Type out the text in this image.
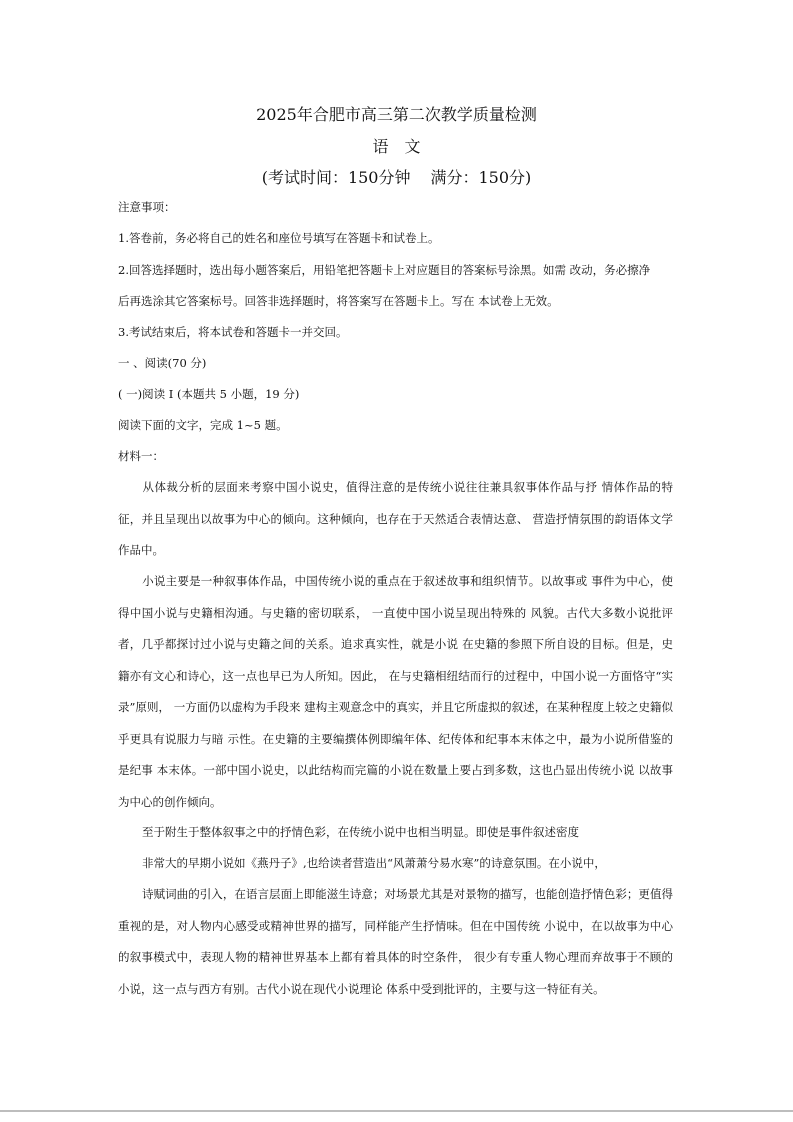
2025年合肥市高三第二次教学质量检测
语　文
(考试时间：150分钟 满分：150分)
注意事项：
1.答卷前，务必将自己的姓名和座位号填写在答题卡和试卷上。
2.回答选择题时，选出每小题答案后，用铅笔把答题卡上对应题目的答案标号涂黑。如需 改动，务必擦净
后再选涂其它答案标号。回答非选择题时，将答案写在答题卡上。写在 本试卷上无效。
3.考试结束后，将本试卷和答题卡一并交回。
一 、阅读(70 分)
( 一)阅读 I (本题共 5 小题，19 分)
阅读下面的文字，完成 1~5 题。
材料一：
从体裁分析的层面来考察中国小说史，值得注意的是传统小说往往兼具叙事体作品与抒 情体作品的特征，并且呈现出以故事为中心的倾向。这种倾向，也存在于天然适合表情达意、 营造抒情氛围的韵语体文学作品中。
小说主要是一种叙事体作品，中国传统小说的重点在于叙述故事和组织情节。以故事或 事件为中心，使得中国小说与史籍相沟通。与史籍的密切联系， 一直使中国小说呈现出特殊的 风貌。古代大多数小说批评者，几乎都探讨过小说与史籍之间的关系。追求真实性，就是小说 在史籍的参照下所自设的目标。但是，史籍亦有文心和诗心，这一点也早已为人所知。因此， 在与史籍相纽结而行的过程中，中国小说一方面恪守“实录”原则， 一方面仍以虚构为手段来 建构主观意念中的真实，并且它所虚拟的叙述，在某种程度上较之史籍似乎更具有说服力与暗 示性。在史籍的主要编撰体例即编年体、纪传体和纪事本末体之中，最为小说所借鉴的是纪事 本末体。一部中国小说史，以此结构而完篇的小说在数量上要占到多数，这也凸显出传统小说 以故事为中心的创作倾向。
至于附生于整体叙事之中的抒情色彩，在传统小说中也相当明显。即使是事件叙述密度
非常大的早期小说如《燕丹子》,也给读者营造出“风萧萧兮易水寒”的诗意氛围。在小说中，
诗赋词曲的引入，在语言层面上即能滋生诗意；对场景尤其是对景物的描写，也能创造抒情色彩；更值得重视的是，对人物内心感受或精神世界的描写，同样能产生抒情味。但在中国传统 小说中，在以故事为中心的叙事模式中，表现人物的精神世界基本上都有着具体的时空条件， 很少有专重人物心理而弃故事于不顾的小说，这一点与西方有别。古代小说在现代小说理论 体系中受到批评的，主要与这一特征有关。
